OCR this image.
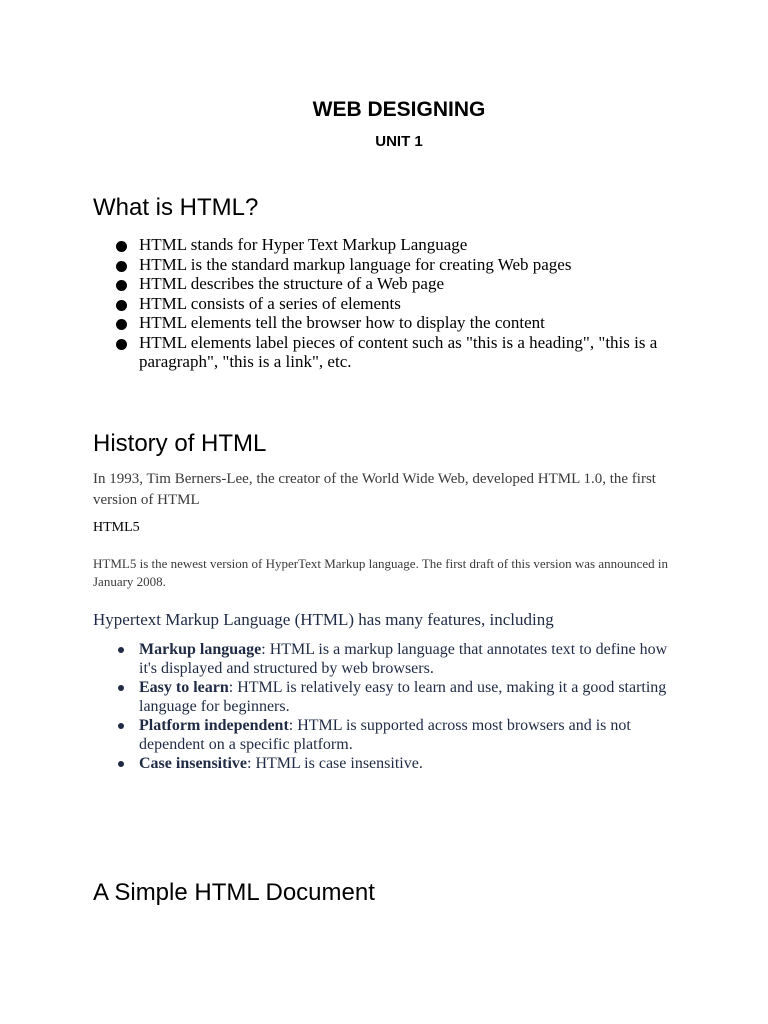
WEB DESIGNING
UNIT 1
What is HTML?
HTML stands for Hyper Text Markup Language
HTML is the standard markup language for creating Web pages
HTML describes the structure of a Web page
HTML consists of a series of elements
HTML elements tell the browser how to display the content
HTML elements label pieces of content such as "this is a heading", "this is a paragraph", "this is a link", etc.
History of HTML

In 1993, Tim Berners-Lee, the creator of the World Wide Web, developed HTML 1.0, the first version of HTML

HTML5

HTML5 is the newest version of HyperText Markup language. The first draft of this version was announced in January 2008.

Hypertext Markup Language (HTML) has many features, including

Markup language: HTML is a markup language that annotates text to define how it's displayed and structured by web browsers.
Easy to learn: HTML is relatively easy to learn and use, making it a good starting language for beginners.
Platform independent: HTML is supported across most browsers and is not dependent on a specific platform.
Case insensitive: HTML is case insensitive.
A Simple HTML Document
